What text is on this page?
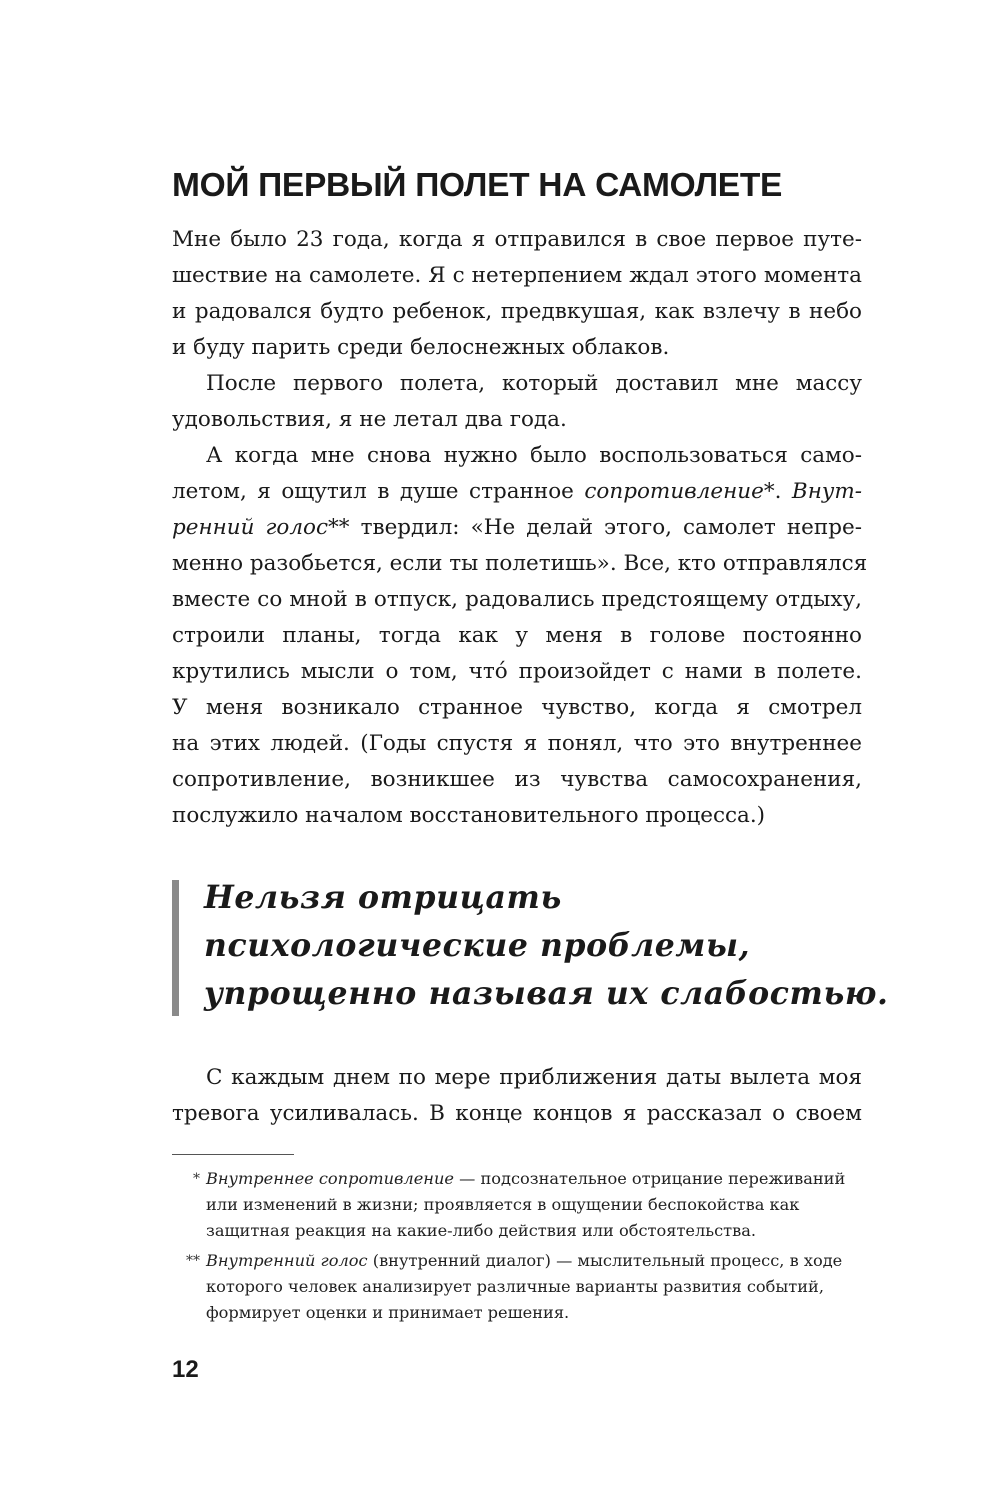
МОЙ ПЕРВЫЙ ПОЛЕТ НА САМОЛЕТЕ
Мне было 23 года, когда я отправился в свое первое путе-
шествие на самолете. Я с нетерпением ждал этого момента
и радовался будто ребенок, предвкушая, как взлечу в небо
и буду парить среди белоснежных облаков.
После первого полета, который доставил мне массу
удовольствия, я не летал два года.
А когда мне снова нужно было воспользоваться само-
летом, я ощутил в душе странное сопротивление*. Внут-
ренний голос** твердил: «Не делай этого, самолет непре-
менно разобьется, если ты полетишь». Все, кто отправлялся
вместе со мной в отпуск, радовались предстоящему отдыху,
строили планы, тогда как у меня в голове постоянно
крутились мысли о том, чтó произойдет с нами в полете.
У меня возникало странное чувство, когда я смотрел
на этих людей. (Годы спустя я понял, что это внутреннее
сопротивление, возникшее из чувства самосохранения,
послужило началом восстановительного процесса.)
Нельзя отрицать
психологические проблемы,
упрощенно называя их слабостью.
С каждым днем по мере приближения даты вылета моя
тревога усиливалась. В конце концов я рассказал о своем
* Внутреннее сопротивление — подсознательное отрицание переживаний
или изменений в жизни; проявляется в ощущении беспокойства как
защитная реакция на какие-либо действия или обстоятельства.
** Внутренний голос (внутренний диалог) — мыслительный процесс, в ходе
которого человек анализирует различные варианты развития событий,
формирует оценки и принимает решения.
12
